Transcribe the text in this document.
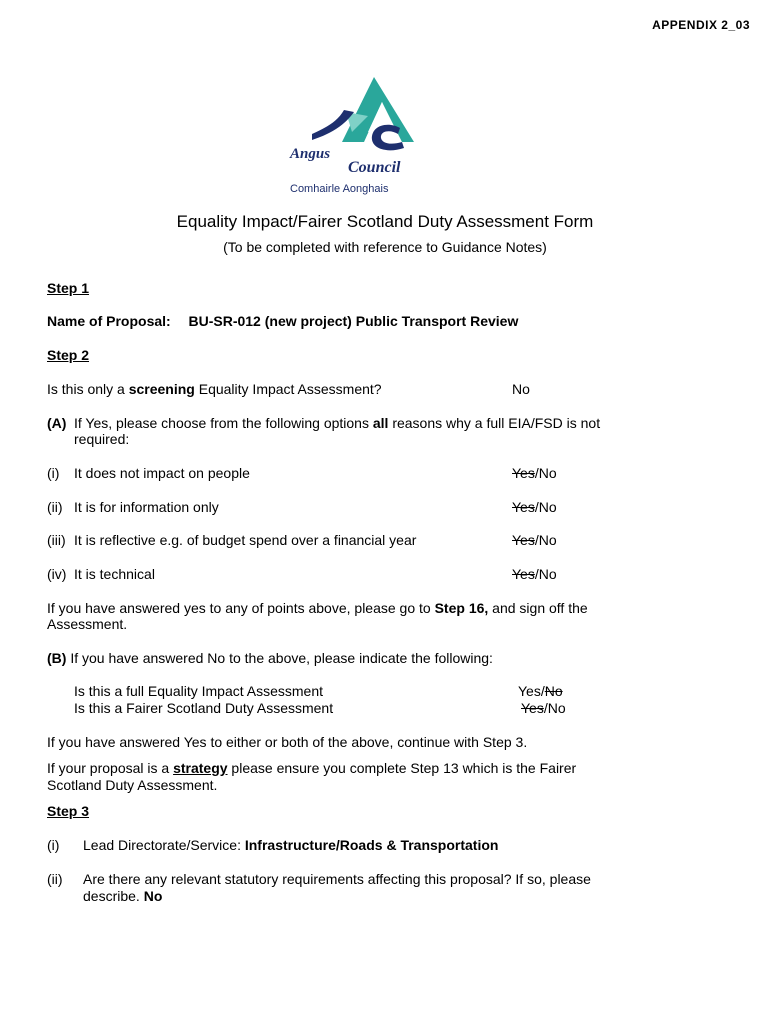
APPENDIX 2_03
Angus
Council
Comhairle Aonghais
Equality Impact/Fairer Scotland Duty Assessment Form
(To be completed with reference to Guidance Notes)
Step 1
Name of Proposal: BU-SR-012 (new project) Public Transport Review
Step 2
Is this only a screening Equality Impact Assessment?	No
(A) If Yes, please choose from the following options all reasons why a full EIA/FSD is not
required:
(i) It does not impact on people	Yes/No
(ii) It is for information only	Yes/No
(iii) It is reflective e.g. of budget spend over a financial year	Yes/No
(iv) It is technical	Yes/No
If you have answered yes to any of points above, please go to Step 16, and sign off the
Assessment.
(B) If you have answered No to the above, please indicate the following:
Is this a full Equality Impact Assessment	Yes/No
Is this a Fairer Scotland Duty Assessment	Yes/No
If you have answered Yes to either or both of the above, continue with Step 3.
If your proposal is a strategy please ensure you complete Step 13 which is the Fairer
Scotland Duty Assessment.
Step 3
(i) Lead Directorate/Service: Infrastructure/Roads & Transportation
(ii) Are there any relevant statutory requirements affecting this proposal? If so, please
describe. No
